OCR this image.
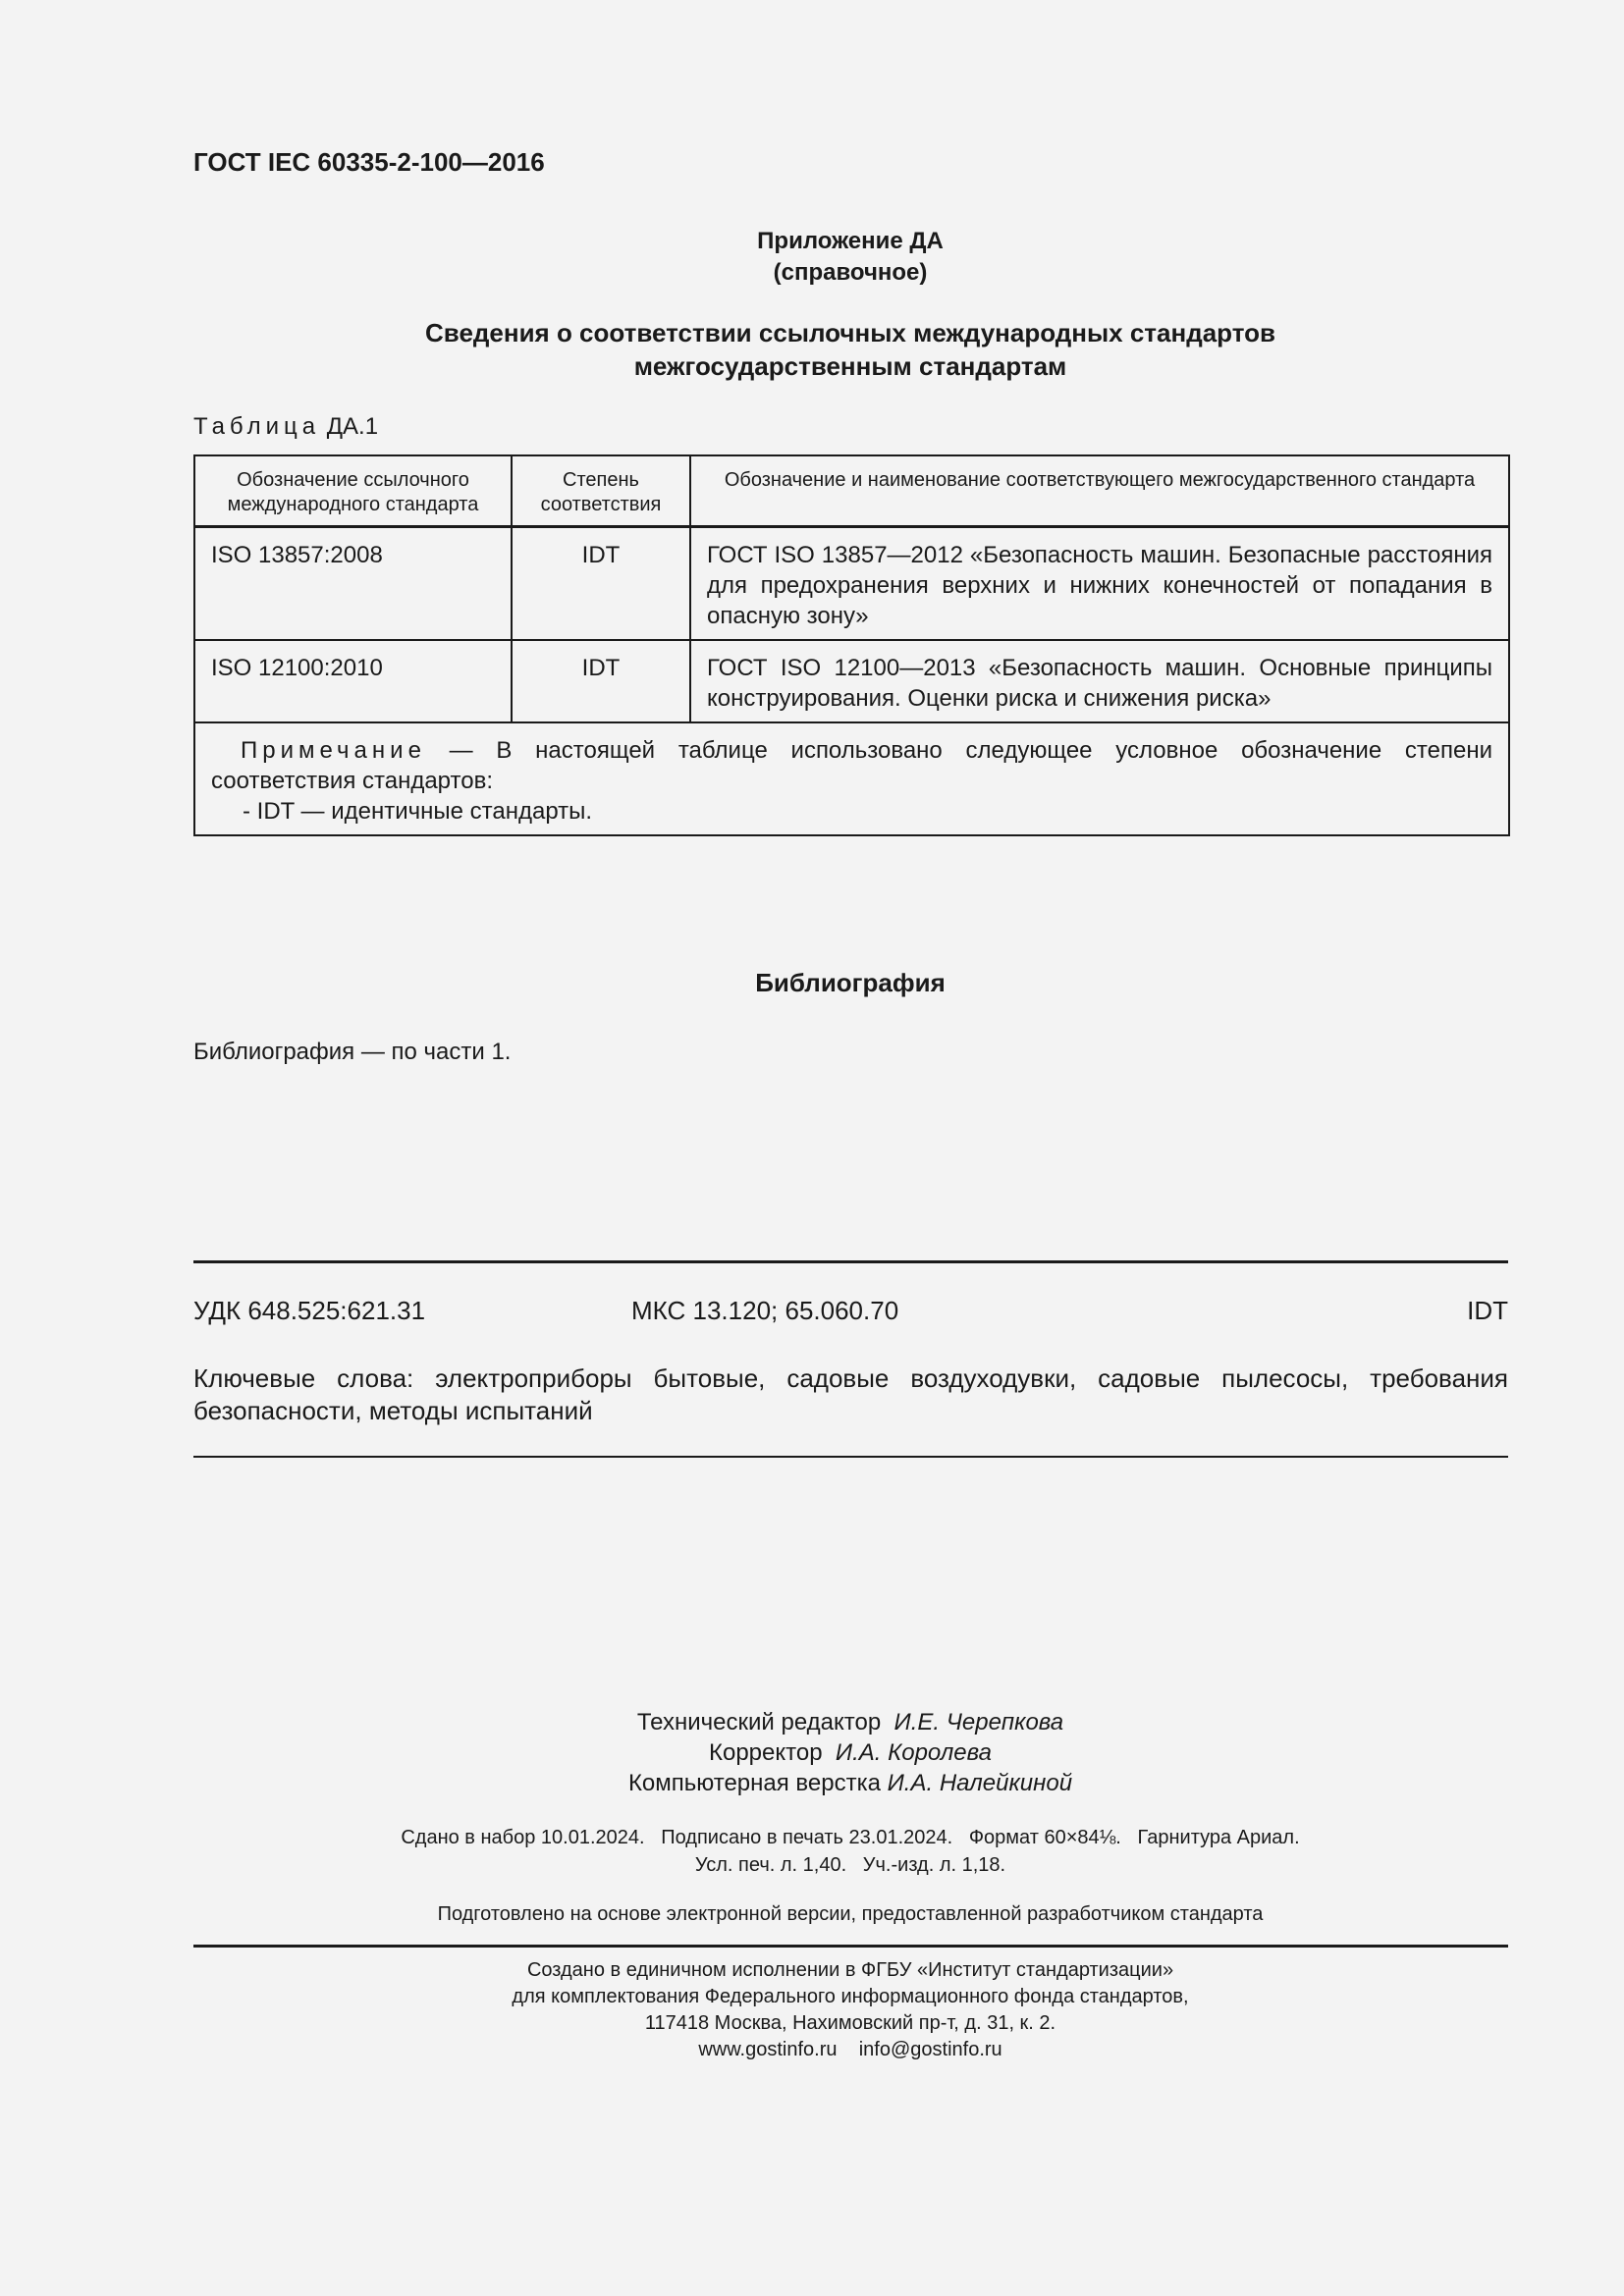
ГОСТ IEC 60335-2-100—2016
Приложение ДА
(справочное)
Сведения о соответствии ссылочных международных стандартов
межгосударственным стандартам
Таблица ДА.1
Обозначение ссылочного международного стандарта	Степень соответствия	Обозначение и наименование соответствующего межгосударственного стандарта
ISO 13857:2008	IDT	ГОСТ ISO 13857—2012 «Безопасность машин. Безопасные расстояния для предохранения верхних и нижних конечностей от попадания в опасную зону»
ISO 12100:2010	IDT	ГОСТ ISO 12100—2013 «Безопасность машин. Основные принципы конструирования. Оценки риска и снижения риска»

Примечание — В настоящей таблице использовано следующее условное обозначение степени соответствия стандартов:
- IDT — идентичные стандарты.		
Библиография
Библиография — по части 1.
УДК 648.525:621.31	МКС 13.120; 65.060.70	IDT
Ключевые слова: электроприборы бытовые, садовые воздуходувки, садовые пылесосы, требования безопасности, методы испытаний
Технический редактор И.Е. Черепкова
Корректор И.А. Королева
Компьютерная верстка И.А. Налейкиной
Сдано в набор 10.01.2024.   Подписано в печать 23.01.2024.   Формат 60×84⅛.   Гарнитура Ариал.
Усл. печ. л. 1,40.   Уч.-изд. л. 1,18.
Подготовлено на основе электронной версии, предоставленной разработчиком стандарта
Создано в единичном исполнении в ФГБУ «Институт стандартизации»
для комплектования Федерального информационного фонда стандартов,
117418 Москва, Нахимовский пр-т, д. 31, к. 2.
www.gostinfo.ru    info@gostinfo.ru
